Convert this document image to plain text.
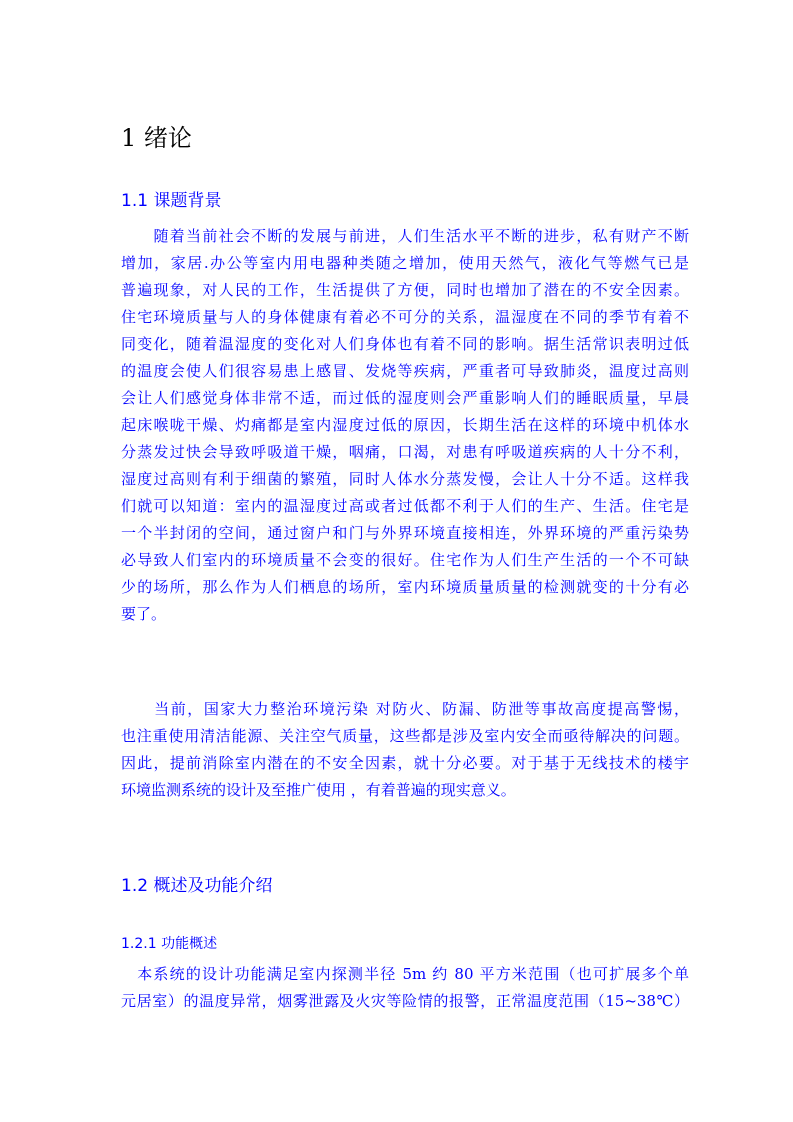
1 绪论
1.1 课题背景

　　随着当前社会不断的发展与前进，人们生活水平不断的进步，私有财产不断
增加，家居.办公等室内用电器种类随之增加，使用天然气，液化气等燃气已是
普遍现象，对人民的工作，生活提供了方便，同时也增加了潜在的不安全因素。
住宅环境质量与人的身体健康有着必不可分的关系，温湿度在不同的季节有着不
同变化，随着温湿度的变化对人们身体也有着不同的影响。据生活常识表明过低
的温度会使人们很容易患上感冒、发烧等疾病，严重者可导致肺炎，温度过高则
会让人们感觉身体非常不适，而过低的湿度则会严重影响人们的睡眠质量，早晨
起床喉咙干燥、灼痛都是室内湿度过低的原因，长期生活在这样的环境中机体水
分蒸发过快会导致呼吸道干燥，咽痛，口渴，对患有呼吸道疾病的人十分不利，
湿度过高则有利于细菌的繁殖，同时人体水分蒸发慢，会让人十分不适。这样我
们就可以知道：室内的温湿度过高或者过低都不利于人们的生产、生活。住宅是
一个半封闭的空间，通过窗户和门与外界环境直接相连，外界环境的严重污染势
必导致人们室内的环境质量不会变的很好。住宅作为人们生产生活的一个不可缺
少的场所，那么作为人们栖息的场所，室内环境质量质量的检测就变的十分有必
要了。

　　当前，国家大力整治环境污染 对防火、防漏、防泄等事故高度提高警惕，
也注重使用清洁能源、关注空气质量，这些都是涉及室内安全而亟待解决的问题。
因此，提前消除室内潜在的不安全因素，就十分必要。对于基于无线技术的楼宇
环境监测系统的设计及至推广使用 ，有着普遍的现实意义。

1.2 概述及功能介绍
1.2.1 功能概述

　本系统的设计功能满足室内探测半径 5m 约 80 平方米范围（也可扩展多个单
元居室）的温度异常，烟雾泄露及火灾等险情的报警，正常温度范围（15~38℃）
